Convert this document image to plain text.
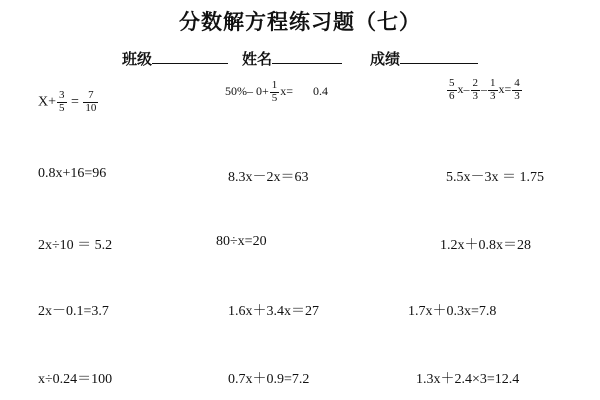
分数解方程练习题（七）
班级	姓名	成绩
$X+ \frac{3}{5} = \frac{7}{10}$	50%– $0+ \frac{1}{5} x= 0.4$	$\frac{5}{6} x- \frac{2}{3} - \frac{1}{3} x= \frac{4}{3}$
0.8x+16=96	8.3x－2x＝63	5.5x－3x ＝ 1.75
2x÷10 ＝ 5.2	80÷x=20	1.2x＋0.8x＝28
2x－0.1=3.7	1.6x＋3.4x＝27	1.7x＋0.3x=7.8
x÷0.24＝100	0.7x＋0.9=7.2	1.3x＋2.4×3=12.4
